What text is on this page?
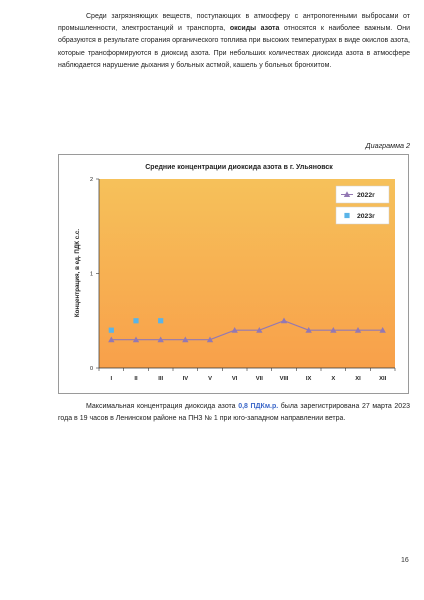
Среди загрязняющих веществ, поступающих в атмосферу с антропогенными выбросами от промышленности, электростанций и транспорта, оксиды азота относятся к наиболее важным. Они образуются в результате сгорания органического топлива при высоких температурах в виде окислов азота, которые трансформируются в диоксид азота. При небольших количествах диоксида азота в атмосфере наблюдается нарушение дыхания у больных астмой, кашель у больных бронхитом.

Диаграмма 2
Средние концентрации диоксида азота в г. Ульяновск
Концентрация, в ед. ПДК с.с.
0
1
2
I	II	III	IV	V	VI	VII	VIII	IX	X	XI	XII
2022г
2023г

Максимальная концентрация диоксида азота 0,8 ПДКм.р. была зарегистрирована 27 марта 2023 года в 19 часов в Ленинском районе на ПНЗ № 1 при юго-западном направлении ветра.

16
